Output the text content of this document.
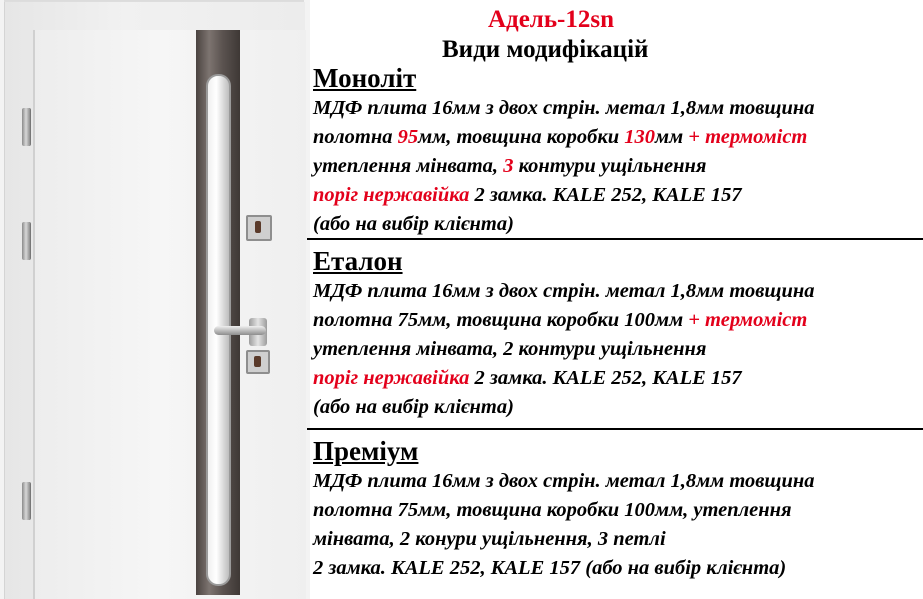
Адель-12sn
Види модифікацій
Моноліт
МДФ плита 16мм з двох стрін. метал 1,8мм товщина
полотна 95мм, товщина коробки 130мм + термоміст
утеплення мінвата, 3 контури ущільнення
поріг нержавійка 2 замка. KALE 252, KALE 157
(або на вибір клієнта)
Еталон
МДФ плита 16мм з двох стрін. метал 1,8мм товщина
полотна 75мм, товщина коробки 100мм + термоміст
утеплення мінвата, 2 контури ущільнення
поріг нержавійка 2 замка. KALE 252, KALE 157
(або на вибір клієнта)
Преміум
МДФ плита 16мм з двох стрін. метал 1,8мм товщина
полотна 75мм, товщина коробки 100мм, утеплення
мінвата, 2 конури ущільнення, 3 петлі
2 замка. KALE 252, KALE 157 (або на вибір клієнта)
